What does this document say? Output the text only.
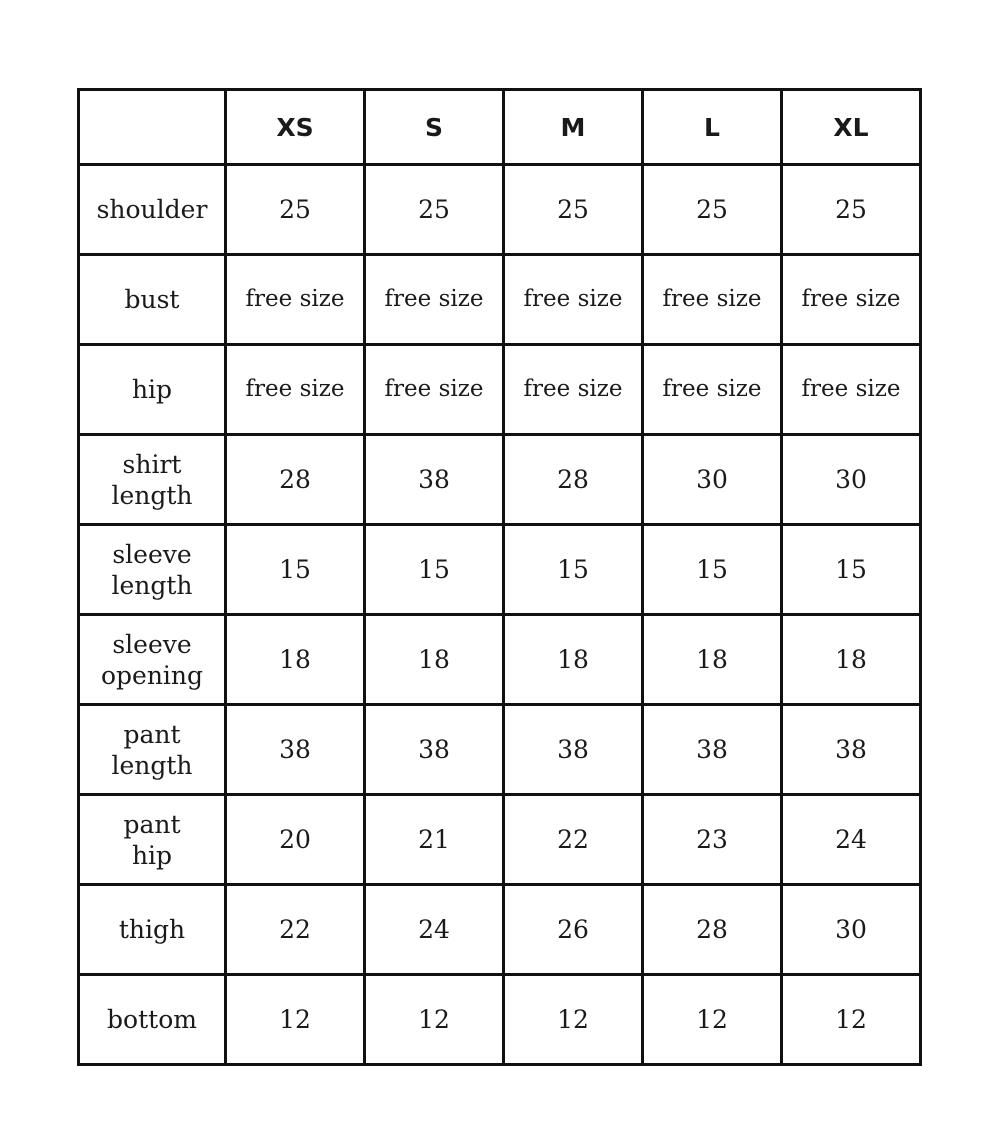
	XS	S	M	L	XL

shoulder	25	25	25	25	25

bust	free size	free size	free size	free size	free size

hip	free size	free size	free size	free size	free size

shirt
length	28	38	28	30	30

sleeve
length	15	15	15	15	15

sleeve
opening	18	18	18	18	18

pant
length	38	38	38	38	38

pant
hip	20	21	22	23	24

thigh	22	24	26	28	30

bottom	12	12	12	12	12
